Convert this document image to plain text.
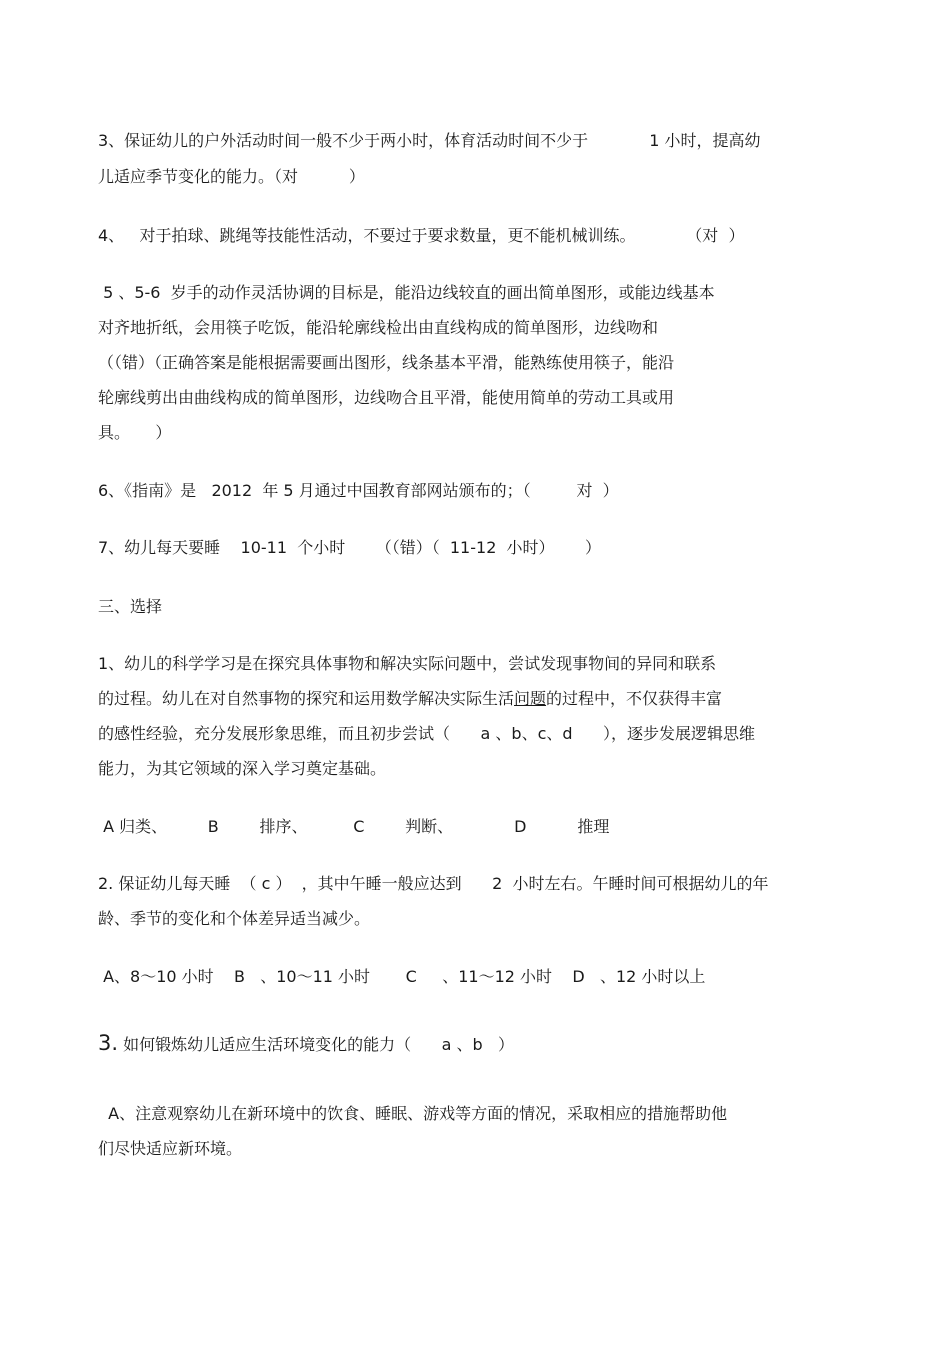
3、保证幼儿的户外活动时间一般不少于两小时，体育活动时间不少于            1 小时，提高幼
儿适应季节变化的能力。（对          ）
4、   对于拍球、跳绳等技能性活动，不要过于要求数量，更不能机械训练。          （对  ）
5 、5-6  岁手的动作灵活协调的目标是，能沿边线较直的画出简单图形，或能边线基本
对齐地折纸，会用筷子吃饭，能沿轮廓线检出由直线构成的简单图形，边线吻和
（（错）（正确答案是能根据需要画出图形，线条基本平滑，能熟练使用筷子，能沿
轮廓线剪出由曲线构成的简单图形，边线吻合且平滑，能使用简单的劳动工具或用
具。     ）
6、《指南》是   2012  年 5 月通过中国教育部网站颁布的；（         对  ）
7、幼儿每天要睡    10-11  个小时      （（错）（  11-12  小时）      ）
三、选择
1、幼儿的科学学习是在探究具体事物和解决实际问题中，尝试发现事物间的异同和联系
的过程。幼儿在对自然事物的探究和运用数学解决实际生活问题的过程中，不仅获得丰富
的感性经验，充分发展形象思维，而且初步尝试（      a 、b、c、d      ），逐步发展逻辑思维
能力，为其它领域的深入学习奠定基础。
A 归类、        B        排序、         C        判断、            D          推理
2. 保证幼儿每天睡  （ c ）  ，其中午睡一般应达到      2  小时左右。午睡时间可根据幼儿的年
龄、季节的变化和个体差异适当减少。
A、8～10 小时    B   、10～11 小时       C     、11～12 小时    D   、12 小时以上
3. 如何锻炼幼儿适应生活环境变化的能力（      a 、b   ）
A、注意观察幼儿在新环境中的饮食、睡眠、游戏等方面的情况，采取相应的措施帮助他
们尽快适应新环境。
